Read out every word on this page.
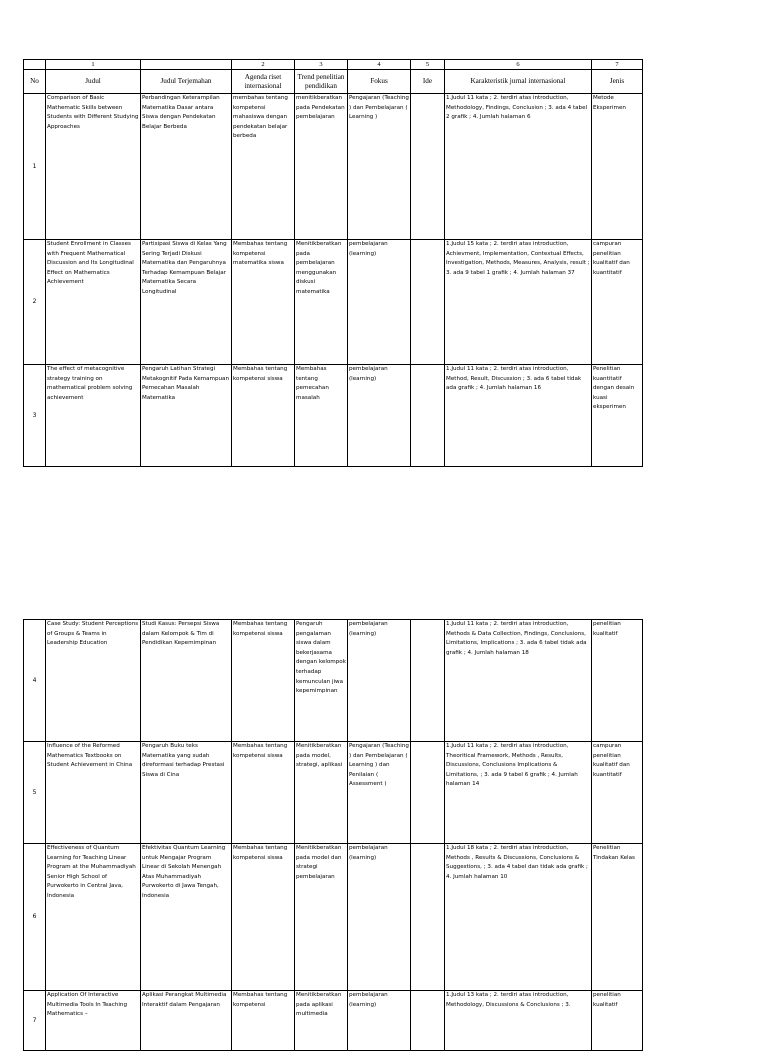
	1		2	3	4	5	6	7
No	Judul	Judul Terjemahan	Agenda riset internasional	Trend penelitian pendidikan	Fokus	Ide	Karakteristik jurnal internasional	Jenis
1	Comparison of Basic Mathematic Skills between Students with Different Studying Approaches	Perbandingan Keterampilan Matematika Dasar antara Siswa dengan Pendekatan Belajar Berbeda	membahas tentang kompetensi mahasiswa dengan pendekatan belajar berbeda	menitikberatkan pada Pendekatan pembelajaran	Pengajaran (Teaching ) dan Pembelajaran ( Learning )		1.Judul 11 kata ; 2. terdiri atas introduction, Methodology, Findings, Conclusion ; 3. ada 4 tabel 2 grafik ; 4. Jumlah halaman 6	Metode Eksperimen
2	Student Enrollment in Classes with Frequent Mathematical Discussion and Its Longitudinal Effect on Mathematics Achievement	Partisipasi Siswa di Kelas Yang Sering Terjadi Diskusi Matematika dan Pengaruhnya Terhadap Kemampuan Belajar Matematika Secara Longitudinal	Membahas tentang kompetensi matematika siswa	Menitikberatkan pada pembelajaran menggunakan diskusi matematika	pembelajaran (learning)		1.Judul 15 kata ; 2. terdiri atas introduction, Achievment, Implementation, Contextual Effects, Investigation, Methods, Measures, Analysis, result ; 3. ada 9 tabel 1 grafik ; 4. Jumlah halaman 37	campuran penelitian kualitatif dan kuantitatif
3	The effect of metacognitive strategy training on mathematical problem solving achievement	Pengaruh Latihan Strategi Metakognitif Pada Kemampuan Pemecahan Masalah Matematika	Membahas tentang kompetensi siswa	Membahas tentang pemecahan masalah	pembelajaran (learning)		1.Judul 11 kata ; 2. terdiri atas introduction, Method, Result, Discussion ; 3. ada 6 tabel tidak ada grafik ; 4. Jumlah halaman 16	Penelitian kuantitatif dengan desain kuasi eksperimen
4	Case Study: Student Perceptions of Groups & Teams in Leadership Education	Studi Kasus: Persepsi Siswa dalam Kelompok & Tim di Pendidikan Kepemimpinan	Membahas tentang kompetensi siswa	Pengaruh pengalaman siswa dalam bekerjasama dengan kelompok terhadap kemunculan jiwa kepemimpinan	pembelajaran (learning)		1.Judul 11 kata ; 2. terdiri atas introduction, Methods & Data Collection, Findings, Conclusions, Limitations, Implications ; 3. ada 6 tabel tidak ada grafik ; 4. Jumlah halaman 18	penelitian kualitatif
5	Influence of the Reformed Mathematics Textbooks on Student Achievement in China	Pengaruh Buku teks Matematika yang sudah direformasi terhadap Prestasi Siswa di Cina	Membahas tentang kompetensi siswa	Menitikberatkan pada model, strategi, aplikasi	Pengajaran (Teaching ) dan Pembelajaran ( Learning ) dan Penilaian ( Assessment )		1.Judul 11 kata ; 2. terdiri atas introduction, Theoritical Framework, Methods , Results, Discussions, Conclusions Implications & Limitations, ; 3. ada 9 tabel 6 grafik ; 4. Jumlah halaman 14	campuran penelitian kualitatif dan kuantitatif
6	Effectiveness of Quantum Learning for Teaching Linear Program at the Muhammadiyah Senior High School of Purwokerto in Central Java, Indonesia	Efektivitas Quantum Learning untuk Mengajar Program Linear di Sekolah Menengah Atas Muhammadiyah Purwokerto di Jawa Tengah, Indonesia	Membahas tentang kompetensi siswa	Menitikberatkan pada model dan strategi pembelajaran	pembelajaran (learning)		1.Judul 18 kata ; 2. terdiri atas introduction, Methods , Results & Discussions, Conclusions & Suggestions, ; 3. ada 4 tabel dan tidak ada grafik ; 4. Jumlah halaman 10	Penelitian Tindakan Kelas
7	Application Of Interactive Multimedia Tools In Teaching Mathematics –	Aplikasi Perangkat Multimedia Interaktif dalam Pengajaran	Membahas tentang kompetensi	Menitikberatkan pada aplikasi multimedia	pembelajaran (learning)		1.Judul 13 kata ; 2. terdiri atas introduction, Methodology, Discussions & Conclusions ; 3.	penelitian kualitatif
